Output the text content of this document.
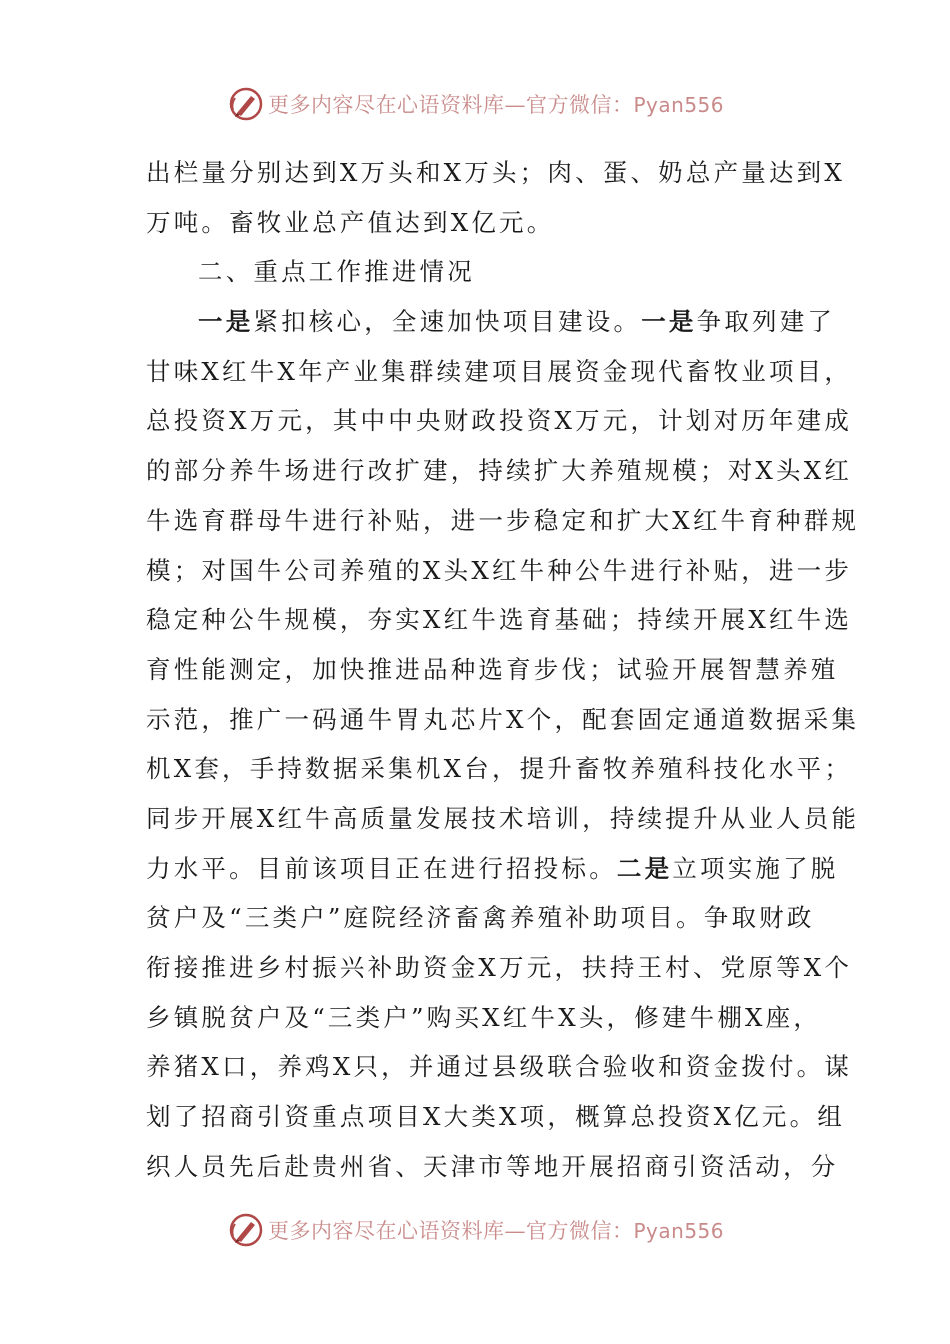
更多内容尽在心语资料库—官方微信：Pyan556
出栏量分别达到X万头和X万头；肉、蛋、奶总产量达到X
万吨。畜牧业总产值达到X亿元。
二、重点工作推进情况
一是紧扣核心，全速加快项目建设。一是争取列建了
甘味X红牛X年产业集群续建项目展资金现代畜牧业项目，
总投资X万元，其中中央财政投资X万元，计划对历年建成
的部分养牛场进行改扩建，持续扩大养殖规模；对X头X红
牛选育群母牛进行补贴，进一步稳定和扩大X红牛育种群规
模；对国牛公司养殖的X头X红牛种公牛进行补贴，进一步
稳定种公牛规模，夯实X红牛选育基础；持续开展X红牛选
育性能测定，加快推进品种选育步伐；试验开展智慧养殖
示范，推广一码通牛胃丸芯片X个，配套固定通道数据采集
机X套，手持数据采集机X台，提升畜牧养殖科技化水平；
同步开展X红牛高质量发展技术培训，持续提升从业人员能
力水平。目前该项目正在进行招投标。二是立项实施了脱
贫户及“三类户”庭院经济畜禽养殖补助项目。争取财政
衔接推进乡村振兴补助资金X万元，扶持王村、党原等X个
乡镇脱贫户及“三类户”购买X红牛X头，修建牛棚X座，
养猪X口，养鸡X只，并通过县级联合验收和资金拨付。谋
划了招商引资重点项目X大类X项，概算总投资X亿元。组
织人员先后赴贵州省、天津市等地开展招商引资活动，分
更多内容尽在心语资料库—官方微信：Pyan556
